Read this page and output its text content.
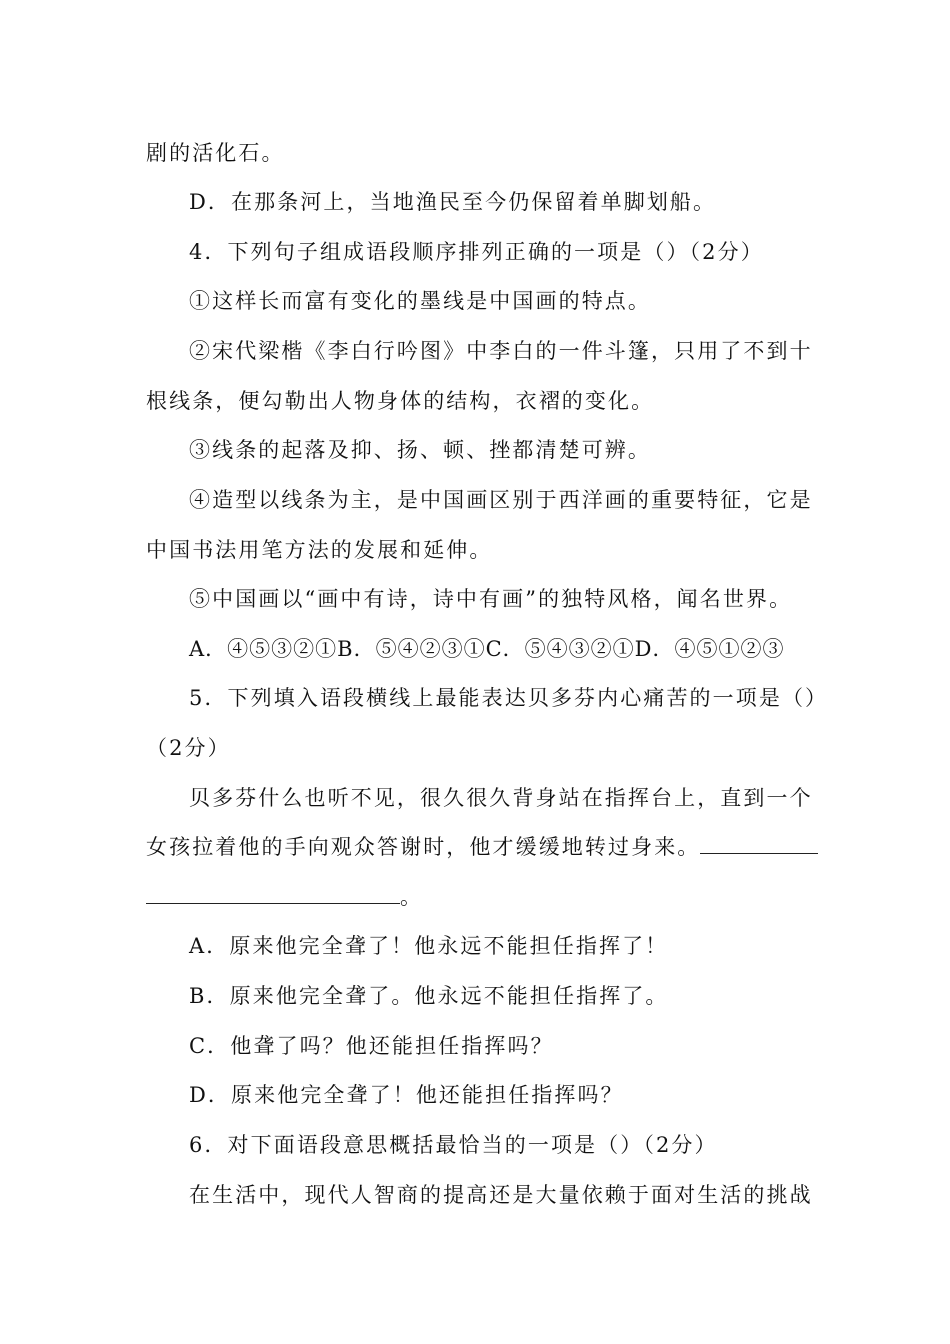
剧的活化石。
D．在那条河上，当地渔民至今仍保留着单脚划船。
4．下列句子组成语段顺序排列正确的一项是（）（2分）
①这样长而富有变化的墨线是中国画的特点。
②宋代梁楷《李白行吟图》中李白的一件斗篷，只用了不到十
根线条，便勾勒出人物身体的结构，衣褶的变化。
③线条的起落及抑、扬、顿、挫都清楚可辨。
④造型以线条为主，是中国画区别于西洋画的重要特征，它是
中国书法用笔方法的发展和延伸。
⑤中国画以“画中有诗，诗中有画”的独特风格，闻名世界。
A．④⑤③②①B．⑤④②③①C．⑤④③②①D．④⑤①②③
5．下列填入语段横线上最能表达贝多芬内心痛苦的一项是（）
（2分）
贝多芬什么也听不见，很久很久背身站在指挥台上，直到一个
女孩拉着他的手向观众答谢时，他才缓缓地转过身来。
。
A．原来他完全聋了！他永远不能担任指挥了！
B．原来他完全聋了。他永远不能担任指挥了。
C．他聋了吗？他还能担任指挥吗？
D．原来他完全聋了！他还能担任指挥吗？
6．对下面语段意思概括最恰当的一项是（）（2分）
在生活中，现代人智商的提高还是大量依赖于面对生活的挑战
